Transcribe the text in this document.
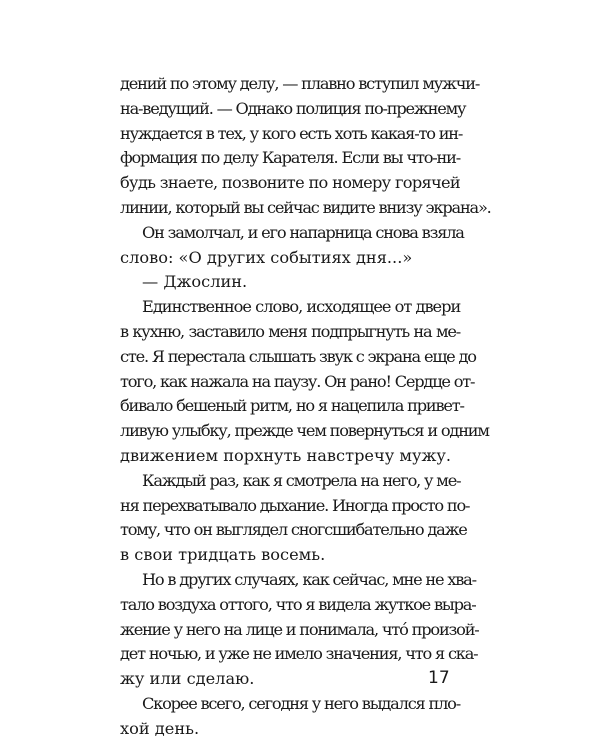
дений по этому делу, — плавно вступил мужчи-
на-ведущий. — Однако полиция по-прежнему
нуждается в тех, у кого есть хоть какая-то ин-
формация по делу Карателя. Если вы что-ни-
будь знаете, позвоните по номеру горячей
линии, который вы сейчас видите внизу экрана».
Он замолчал, и его напарница снова взяла
слово: «О других событиях дня...»
— Джослин.
Единственное слово, исходящее от двери
в кухню, заставило меня подпрыгнуть на ме-
сте. Я перестала слышать звук с экрана еще до
того, как нажала на паузу. Он рано! Сердце от-
бивало бешеный ритм, но я нацепила привет-
ливую улыбку, прежде чем повернуться и одним
движением порхнуть навстречу мужу.
Каждый раз, как я смотрела на него, у ме-
ня перехватывало дыхание. Иногда просто по-
тому, что он выглядел сногсшибательно даже
в свои тридцать восемь.
Но в других случаях, как сейчас, мне не хва-
тало воздуха оттого, что я видела жуткое выра-
жение у него на лице и понимала, что́ произой-
дет ночью, и уже не имело значения, что я ска-
жу или сделаю.
Скорее всего, сегодня у него выдался пло-
хой день.
17
